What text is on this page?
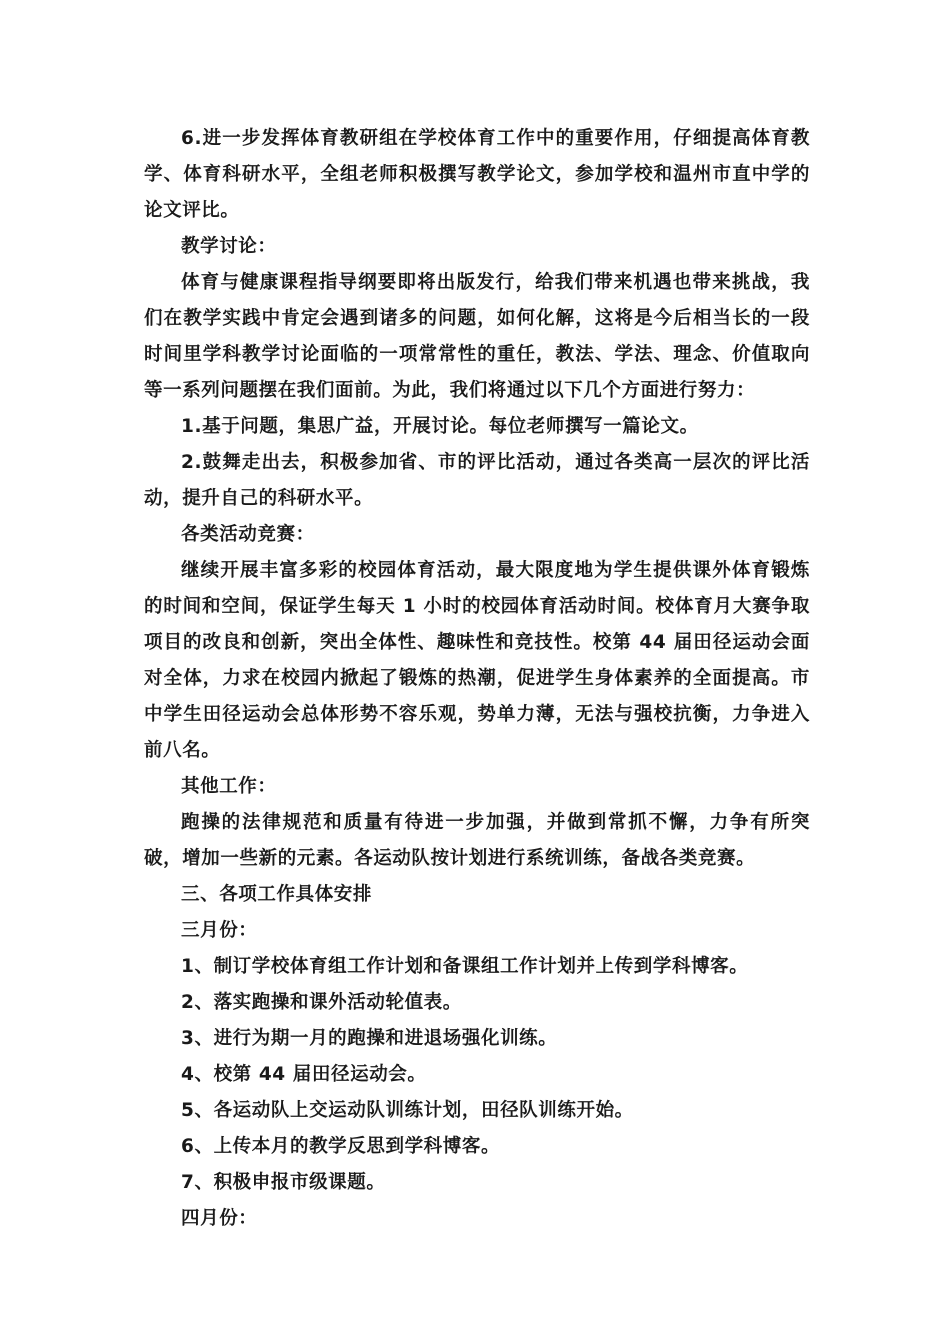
6.进一步发挥体育教研组在学校体育工作中的重要作用，仔细提高体育教学、体育科研水平，全组老师积极撰写教学论文，参加学校和温州市直中学的论文评比。

教学讨论：

体育与健康课程指导纲要即将出版发行，给我们带来机遇也带来挑战，我们在教学实践中肯定会遇到诸多的问题，如何化解，这将是今后相当长的一段时间里学科教学讨论面临的一项常常性的重任，教法、学法、理念、价值取向等一系列问题摆在我们面前。为此，我们将通过以下几个方面进行努力：

1.基于问题，集思广益，开展讨论。每位老师撰写一篇论文。

2.鼓舞走出去，积极参加省、市的评比活动，通过各类高一层次的评比活动，提升自己的科研水平。

各类活动竞赛：

继续开展丰富多彩的校园体育活动，最大限度地为学生提供课外体育锻炼的时间和空间，保证学生每天 1 小时的校园体育活动时间。校体育月大赛争取项目的改良和创新，突出全体性、趣味性和竞技性。校第 44 届田径运动会面对全体，力求在校园内掀起了锻炼的热潮，促进学生身体素养的全面提高。市中学生田径运动会总体形势不容乐观，势单力薄，无法与强校抗衡，力争进入前八名。

其他工作：

跑操的法律规范和质量有待进一步加强，并做到常抓不懈，力争有所突破，增加一些新的元素。各运动队按计划进行系统训练，备战各类竞赛。

三、各项工作具体安排

三月份：

1、制订学校体育组工作计划和备课组工作计划并上传到学科博客。

2、落实跑操和课外活动轮值表。

3、进行为期一月的跑操和进退场强化训练。

4、校第 44 届田径运动会。

5、各运动队上交运动队训练计划，田径队训练开始。

6、上传本月的教学反思到学科博客。

7、积极申报市级课题。

四月份：
